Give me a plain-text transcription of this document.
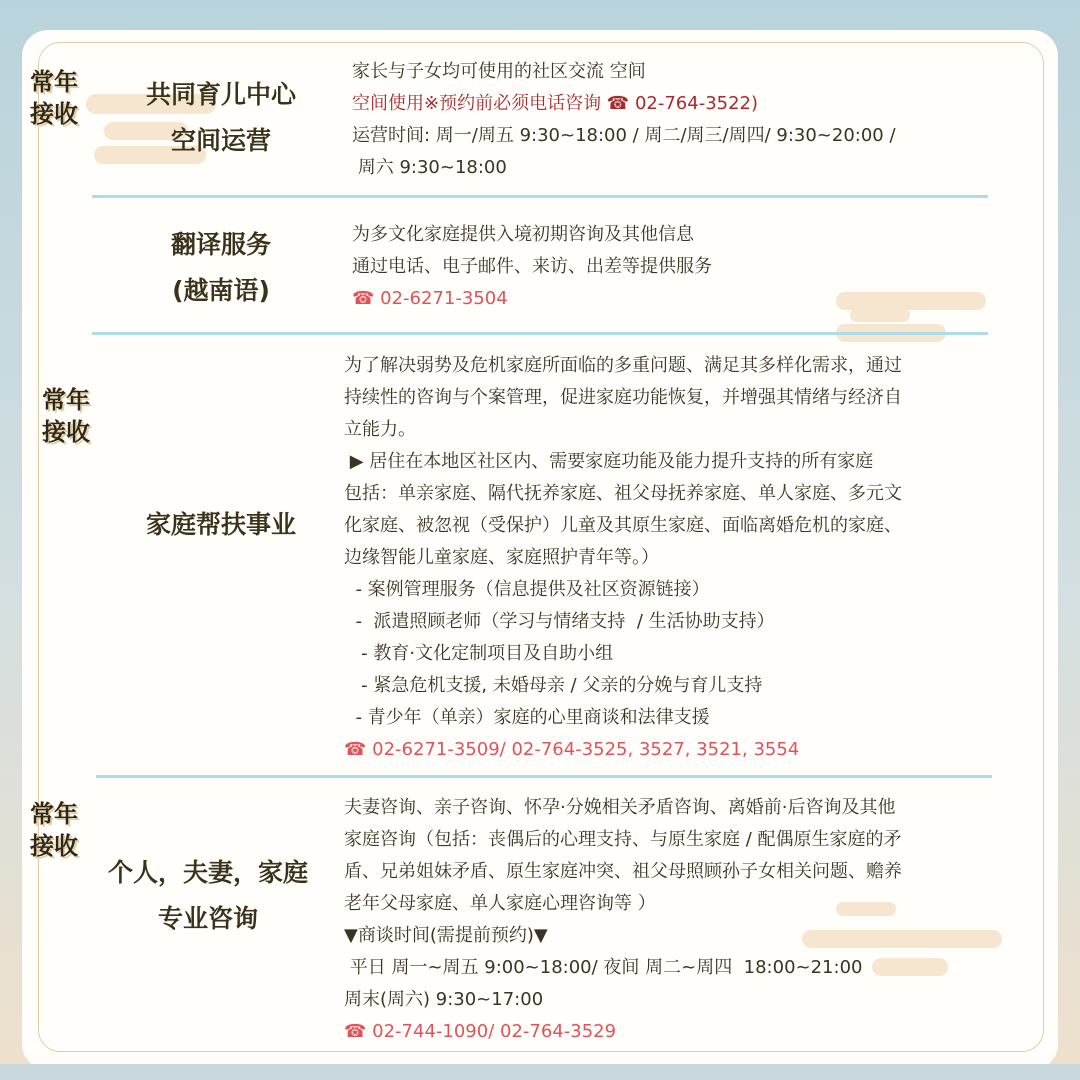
常年
接收
共同育儿中心
空间运营

家长与子女均可使用的社区交流 空间

空间使用※预约前必须电话咨询 ☎ 02-764-3522)

运营时间: 周一/周五 9:30~18:00 / 周二/周三/周四/ 9:30~20:00 /

周六 9:30~18:00

翻译服务
(越南语)

为多文化家庭提供入境初期咨询及其他信息

通过电话、电子邮件、来访、出差等提供服务

☎ 02-6271-3504

常年
接收
家庭帮扶事业

为了解决弱势及危机家庭所面临的多重问题、满足其多样化需求，通过

持续性的咨询与个案管理，促进家庭功能恢复，并增强其情绪与经济自

立能力。

▶ 居住在本地区社区内、需要家庭功能及能力提升支持的所有家庭

包括：单亲家庭、隔代抚养家庭、祖父母抚养家庭、单人家庭、多元文

化家庭、被忽视（受保护）儿童及其原生家庭、面临离婚危机的家庭、

边缘智能儿童家庭、家庭照护青年等。）

- 案例管理服务（信息提供及社区资源链接）

-  派遣照顾老师（学习与情绪支持  / 生活协助支持）

- 教育·文化定制项目及自助小组

- 紧急危机支援, 未婚母亲 / 父亲的分娩与育儿支持

- 青少年（单亲）家庭的心里商谈和法律支援

☎ 02-6271-3509/ 02-764-3525, 3527, 3521, 3554

常年
接收
个人，夫妻，家庭
专业咨询

夫妻咨询、亲子咨询、怀孕·分娩相关矛盾咨询、离婚前·后咨询及其他

家庭咨询（包括：丧偶后的心理支持、与原生家庭 / 配偶原生家庭的矛

盾、兄弟姐妹矛盾、原生家庭冲突、祖父母照顾孙子女相关问题、赡养

老年父母家庭、单人家庭心理咨询等 ）

▼商谈时间(需提前预约)▼

平日 周一~周五 9:00~18:00/ 夜间 周二~周四  18:00~21:00

周末(周六) 9:30~17:00

☎ 02-744-1090/ 02-764-3529
